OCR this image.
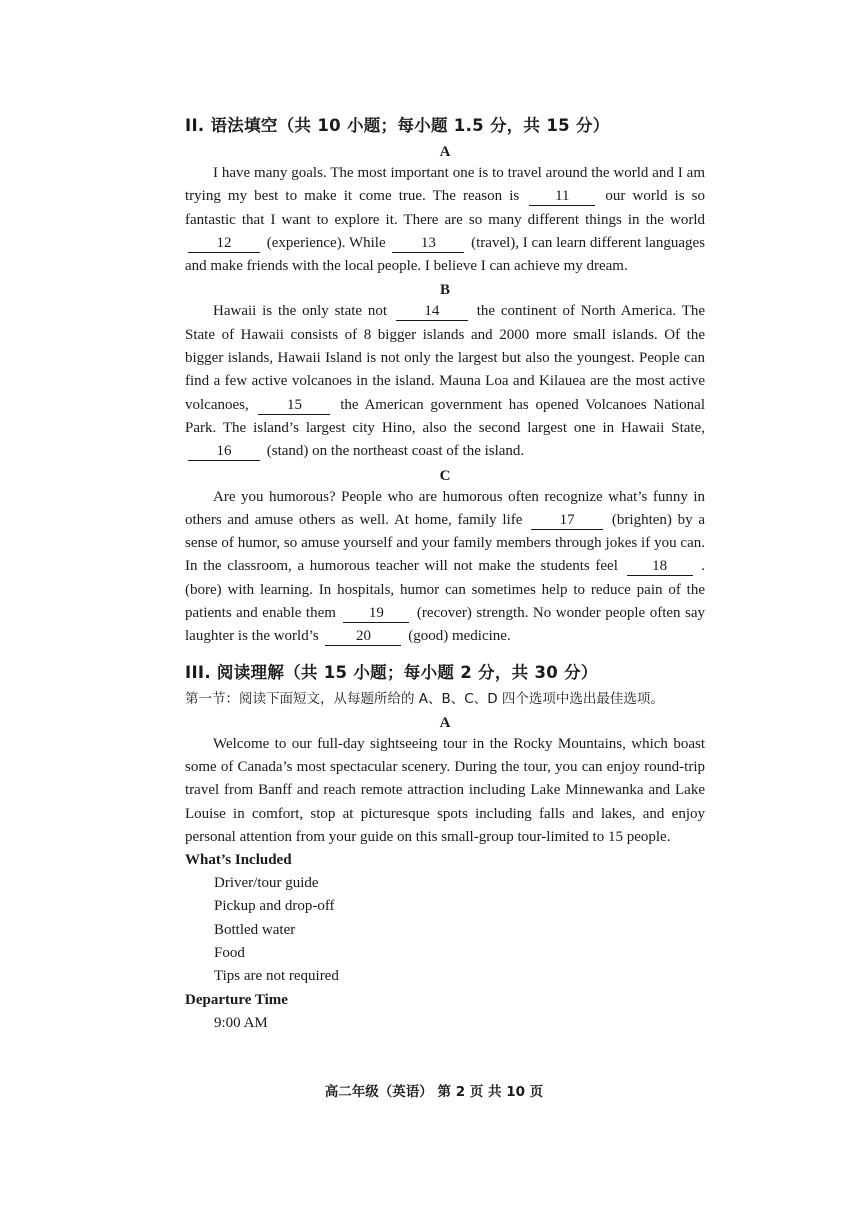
II. 语法填空（共 10 小题；每小题 1.5 分，共 15 分）

A

I have many goals. The most important one is to travel around the world and I am trying my best to make it come true. The reason is 11 our world is so fantastic that I want to explore it. There are so many different things in the world 12 (experience). While 13 (travel), I can learn different languages and make friends with the local people. I believe I can achieve my dream.

B

Hawaii is the only state not 14 the continent of North America. The State of Hawaii consists of 8 bigger islands and 2000 more small islands. Of the bigger islands, Hawaii Island is not only the largest but also the youngest. People can find a few active volcanoes in the island. Mauna Loa and Kilauea are the most active volcanoes,	15	the American government has opened Volcanoes National Park. The island’s largest city Hino, also the second largest one in Hawaii State, 16 (stand) on the northeast coast of the island.

C

Are you humorous? People who are humorous often recognize what’s funny in others and amuse others as well. At home, family life 17 (brighten) by a sense of humor, so amuse yourself and your family members through jokes if you can. In the classroom, a humorous teacher will not make the students feel 18 . (bore) with learning. In hospitals, humor can sometimes help to reduce pain of the patients and enable them 19 (recover) strength. No wonder people often say laughter is the world’s 20 (good) medicine.

III. 阅读理解（共 15 小题；每小题 2 分，共 30 分）

第一节：阅读下面短文，从每题所给的 A、B、C、D 四个选项中选出最佳选项。

A

Welcome to our full-day sightseeing tour in the Rocky Mountains, which boast some of Canada’s most spectacular scenery. During the tour, you can enjoy round-trip travel from Banff and reach remote attraction including Lake Minnewanka and Lake Louise in comfort, stop at picturesque spots including falls and lakes, and enjoy personal attention from your guide on this small-group tour-limited to 15 people.

What’s Included

Driver/tour guide
Pickup and drop-off
Bottled water
Food
Tips are not required

Departure Time

9:00 AM

高二年级（英语） 第 2 页 共 10 页
